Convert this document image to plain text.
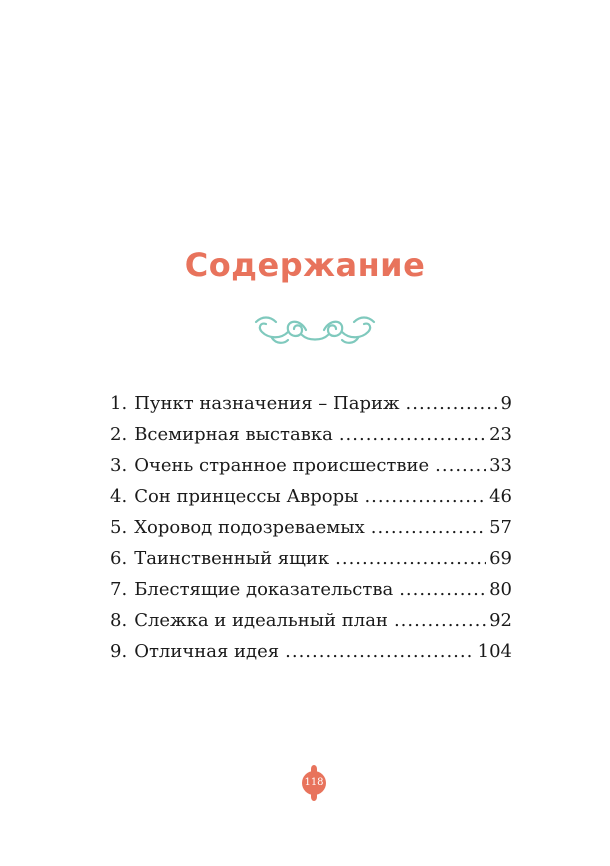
Содержание
1. Пункт назначения – Париж .....	9
2. Всемирная выставка .....	23
3. Очень странное происшествие .....	33
4. Сон принцессы Авроры .....	46
5. Хоровод подозреваемых .....	57
6. Таинственный ящик .....	69
7. Блестящие доказательства .....	80
8. Слежка и идеальный план .....	92
9. Отличная идея .....	104
118
